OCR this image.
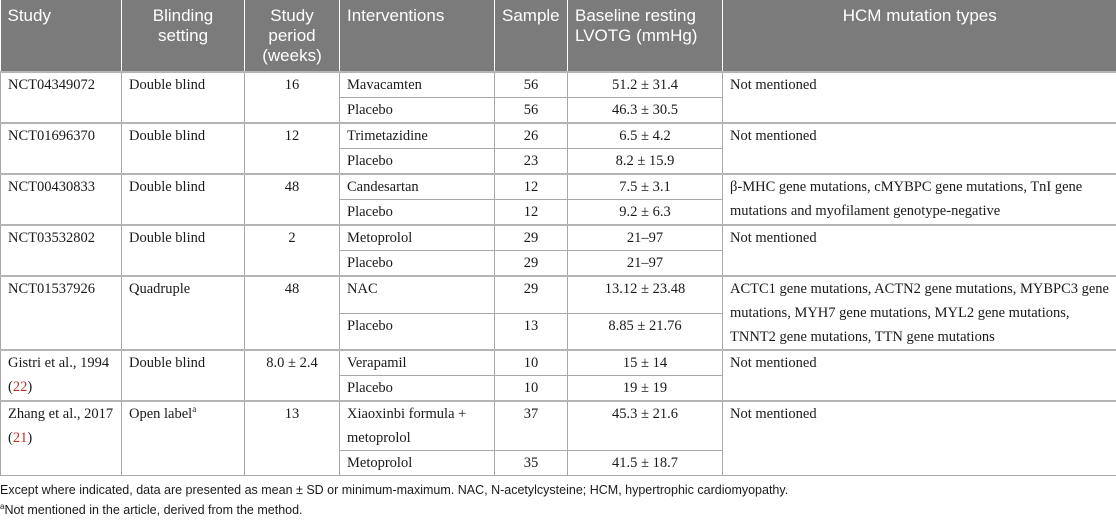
Study	Blinding setting	Study period (weeks)	Interventions	Sample	Baseline resting LVOTG (mmHg)	HCM mutation types
NCT04349072	Double blind	16	Mavacamten	56	51.2 ± 31.4	Not mentioned
			Placebo	56	46.3 ± 30.5	
NCT01696370	Double blind	12	Trimetazidine	26	6.5 ± 4.2	Not mentioned
			Placebo	23	8.2 ± 15.9	
NCT00430833	Double blind	48	Candesartan	12	7.5 ± 3.1	β-MHC gene mutations, cMYBPC gene mutations, TnI gene mutations and myofilament genotype-negative
			Placebo	12	9.2 ± 6.3	
NCT03532802	Double blind	2	Metoprolol	29	21–97	Not mentioned
			Placebo	29	21–97	
NCT01537926	Quadruple	48	NAC	29	13.12 ± 23.48	ACTC1 gene mutations, ACTN2 gene mutations, MYBPC3 gene mutations, MYH7 gene mutations, MYL2 gene mutations, TNNT2 gene mutations, TTN gene mutations
			Placebo	13	8.85 ± 21.76	
Gistri et al., 1994 (22)	Double blind	8.0 ± 2.4	Verapamil	10	15 ± 14	Not mentioned
			Placebo	10	19 ± 19	
Zhang et al., 2017 (21)	Open label$^a$	13	Xiaoxinbi formula + metoprolol	37	45.3 ± 21.6	Not mentioned
			Metoprolol	35	41.5 ± 18.7	
Except where indicated, data are presented as mean ± SD or minimum-maximum. NAC, N-acetylcysteine; HCM, hypertrophic cardiomyopathy.
$^a$Not mentioned in the article, derived from the method.
